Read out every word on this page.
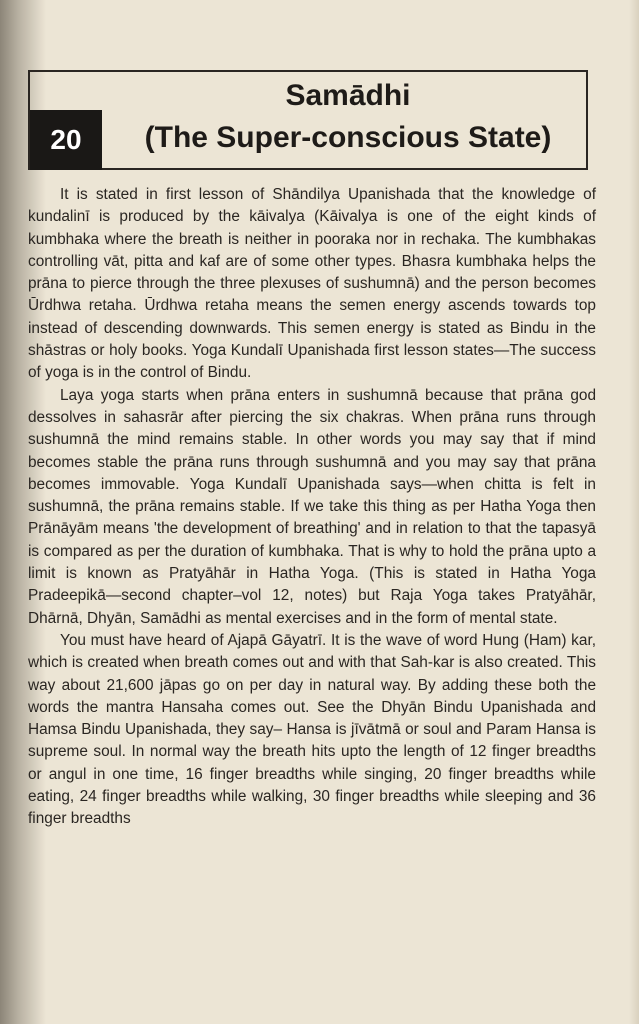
20
Samādhi
(The Super-conscious State)

It is stated in first lesson of Shāndilya Upanishada that the knowledge of kundalinī is produced by the kāivalya (Kāivalya is one of the eight kinds of kumbhaka where the breath is neither in pooraka nor in rechaka. The kumbhakas controlling vāt, pitta and kaf are of some other types. Bhasra kumbhaka helps the prāna to pierce through the three plexuses of sushumnā) and the person becomes Ūrdhwa retaha. Ūrdhwa retaha means the semen energy ascends towards top instead of descending downwards. This semen energy is stated as Bindu in the shāstras or holy books. Yoga Kundalī Upanishada first lesson states—The success of yoga is in the control of Bindu.

Laya yoga starts when prāna enters in sushumnā because that prāna god dessolves in sahasrār after piercing the six chakras. When prāna runs through sushumnā the mind remains stable. In other words you may say that if mind becomes stable the prāna runs through sushumnā and you may say that prāna becomes immovable. Yoga Kundalī Upanishada says—when chitta is felt in sushumnā, the prāna remains stable. If we take this thing as per Hatha Yoga then Prānāyām means 'the development of breathing' and in relation to that the tapasyā is compared as per the duration of kumbhaka. That is why to hold the prāna upto a limit is known as Pratyāhār in Hatha Yoga. (This is stated in Hatha Yoga Pradeepikā—second chapter–vol 12, notes) but Raja Yoga takes Pratyāhār, Dhārnā, Dhyān, Samādhi as mental exercises and in the form of mental state.

You must have heard of Ajapā Gāyatrī. It is the wave of word Hung (Ham) kar, which is created when breath comes out and with that Sah-kar is also created. This way about 21,600 jāpas go on per day in natural way. By adding these both the words the mantra Hansaha comes out. See the Dhyān Bindu Upanishada and Hamsa Bindu Upanishada, they say– Hansa is jīvātmā or soul and Param Hansa is supreme soul. In normal way the breath hits upto the length of 12 finger breadths or angul in one time, 16 finger breadths while singing, 20 finger breadths while eating, 24 finger breadths while walking, 30 finger breadths while sleeping and 36 finger breadths
